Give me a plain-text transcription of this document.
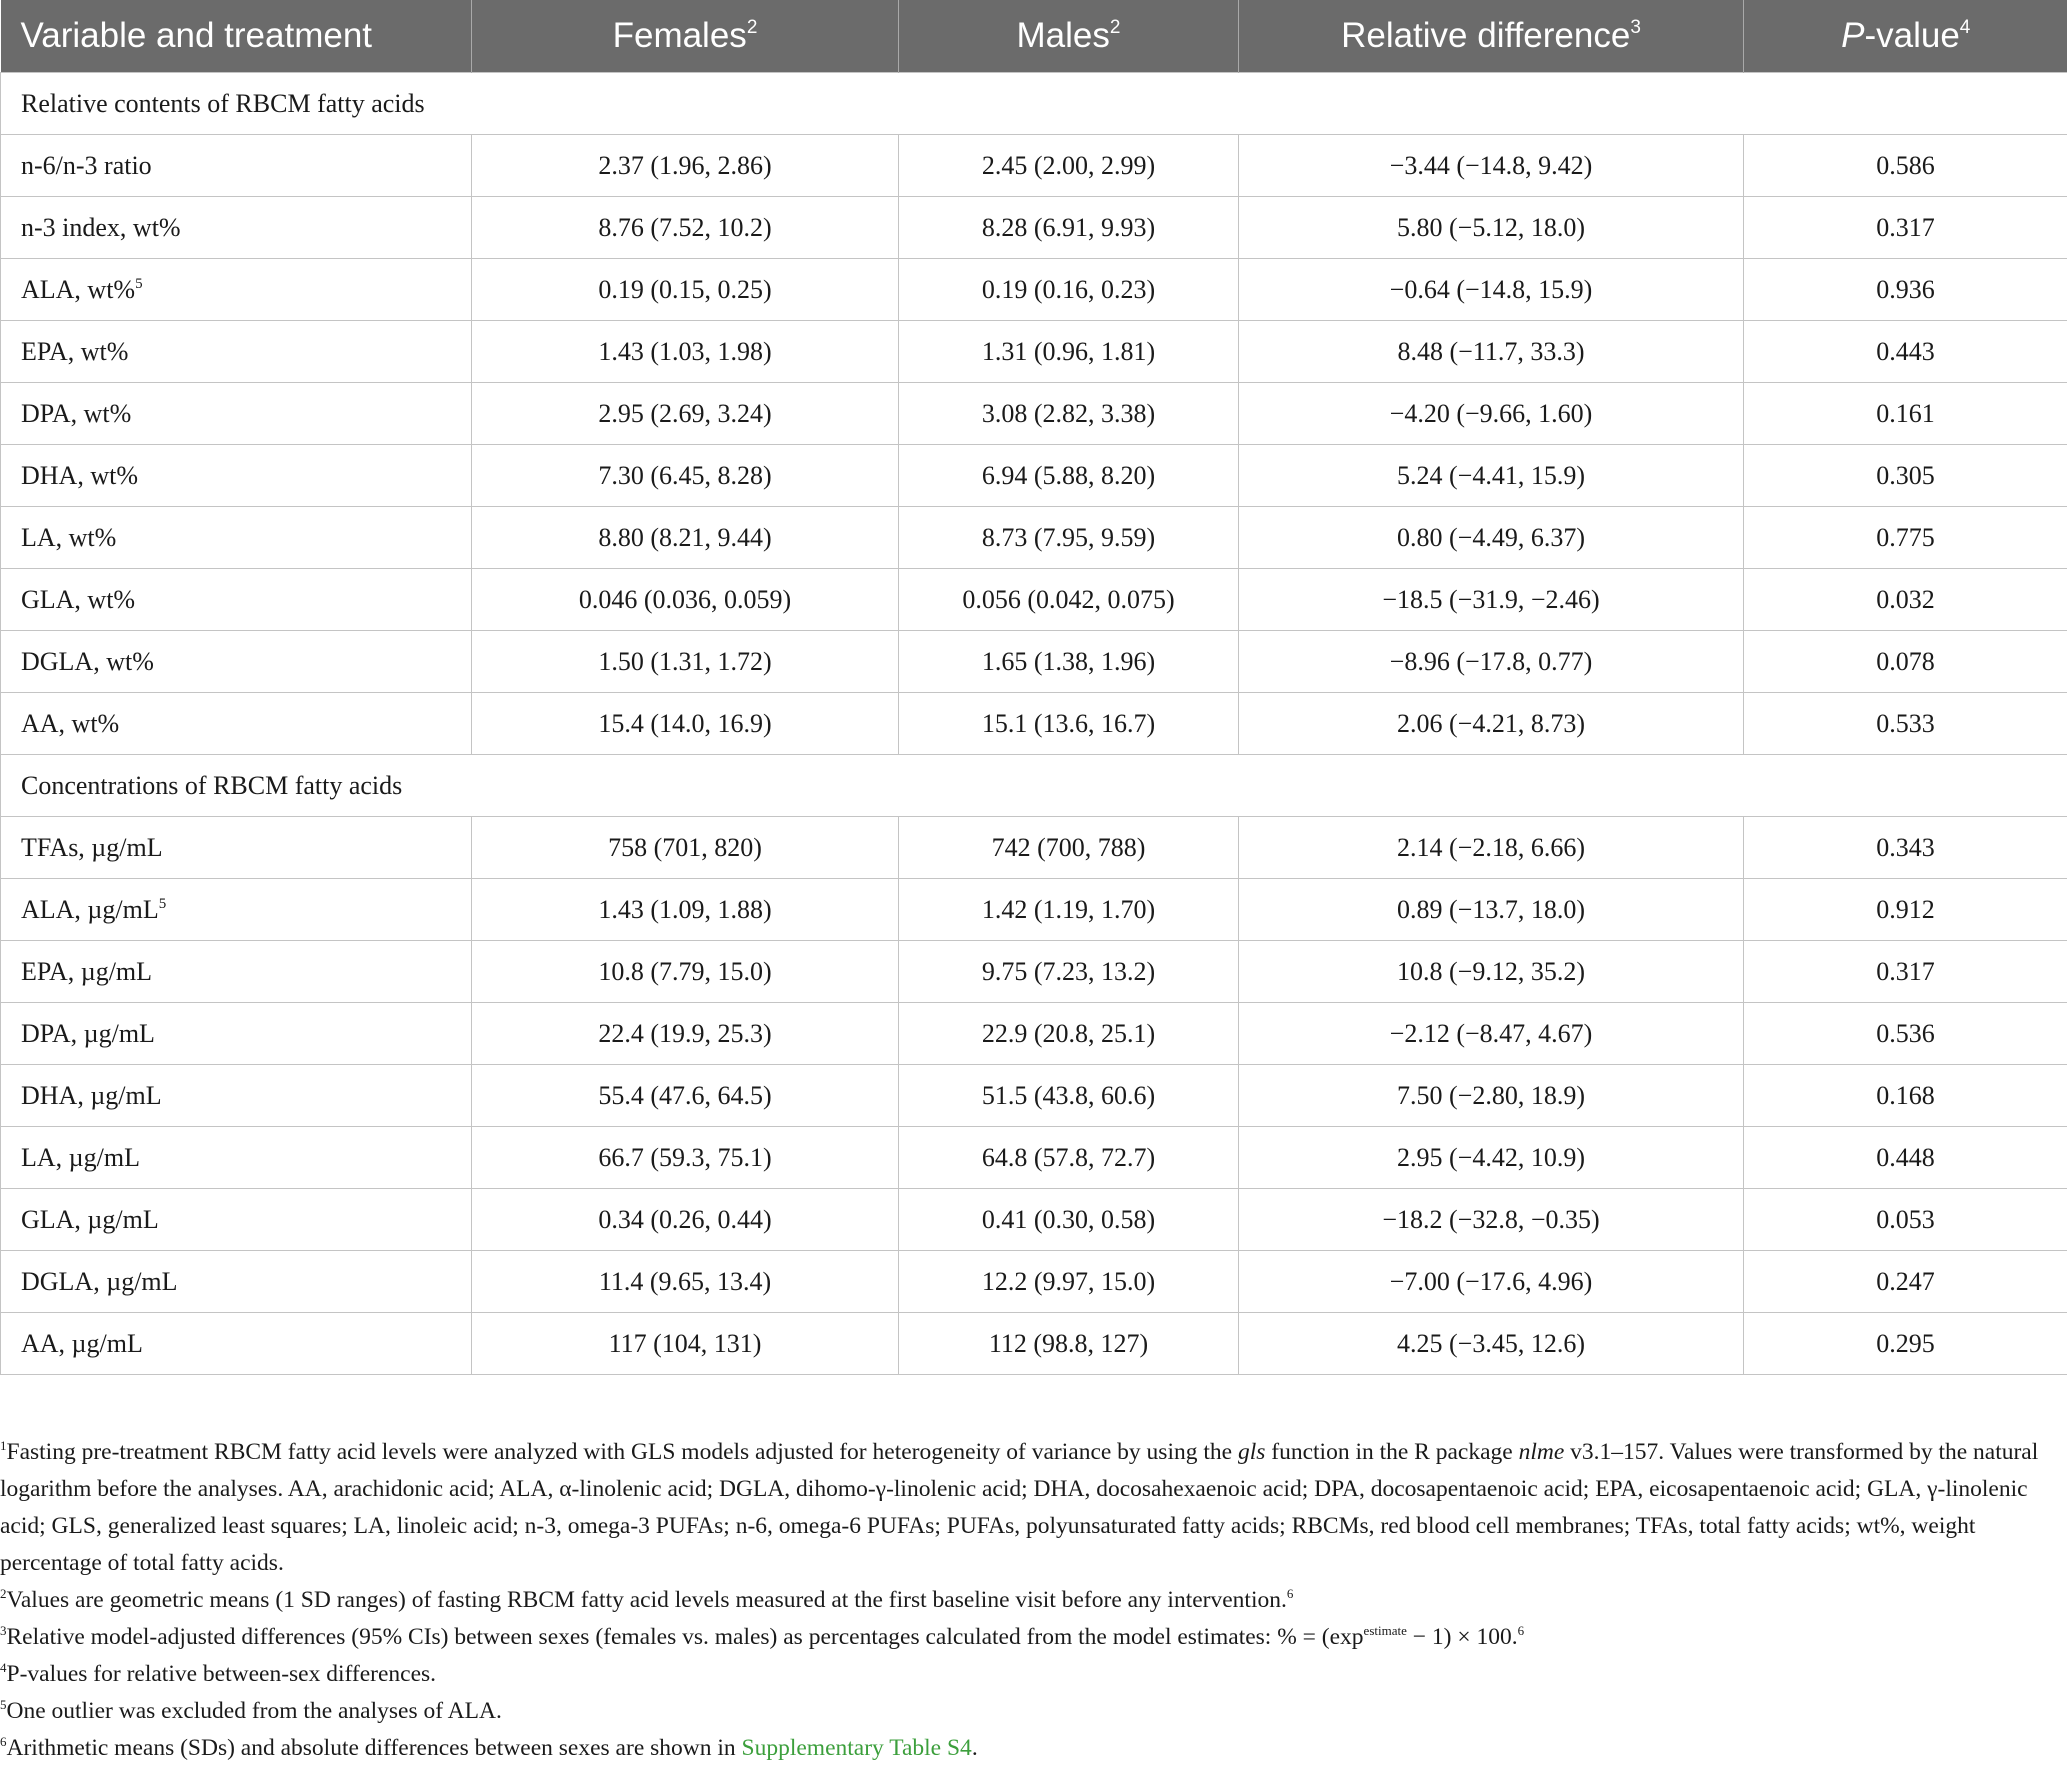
Variable and treatment	Females$^2$	Males$^2$	Relative difference$^3$	P-value$^4$
Relative contents of RBCM fatty acids				
n-6/n-3 ratio	2.37 (1.96, 2.86)	2.45 (2.00, 2.99)	−3.44 (−14.8, 9.42)	0.586
n-3 index, wt%	8.76 (7.52, 10.2)	8.28 (6.91, 9.93)	5.80 (−5.12, 18.0)	0.317
ALA, wt%$^5$	0.19 (0.15, 0.25)	0.19 (0.16, 0.23)	−0.64 (−14.8, 15.9)	0.936
EPA, wt%	1.43 (1.03, 1.98)	1.31 (0.96, 1.81)	8.48 (−11.7, 33.3)	0.443
DPA, wt%	2.95 (2.69, 3.24)	3.08 (2.82, 3.38)	−4.20 (−9.66, 1.60)	0.161
DHA, wt%	7.30 (6.45, 8.28)	6.94 (5.88, 8.20)	5.24 (−4.41, 15.9)	0.305
LA, wt%	8.80 (8.21, 9.44)	8.73 (7.95, 9.59)	0.80 (−4.49, 6.37)	0.775
GLA, wt%	0.046 (0.036, 0.059)	0.056 (0.042, 0.075)	−18.5 (−31.9, −2.46)	0.032
DGLA, wt%	1.50 (1.31, 1.72)	1.65 (1.38, 1.96)	−8.96 (−17.8, 0.77)	0.078
AA, wt%	15.4 (14.0, 16.9)	15.1 (13.6, 16.7)	2.06 (−4.21, 8.73)	0.533
Concentrations of RBCM fatty acids				
TFAs, µg/mL	758 (701, 820)	742 (700, 788)	2.14 (−2.18, 6.66)	0.343
ALA, $\mu g/mL^5$	1.43 (1.09, 1.88)	1.42 (1.19, 1.70)	0.89 (−13.7, 18.0)	0.912
EPA, µg/mL	10.8 (7.79, 15.0)	9.75 (7.23, 13.2)	10.8 (−9.12, 35.2)	0.317
DPA, µg/mL	22.4 (19.9, 25.3)	22.9 (20.8, 25.1)	−2.12 (−8.47, 4.67)	0.536
DHA, µg/mL	55.4 (47.6, 64.5)	51.5 (43.8, 60.6)	7.50 (−2.80, 18.9)	0.168
LA, µg/mL	66.7 (59.3, 75.1)	64.8 (57.8, 72.7)	2.95 (−4.42, 10.9)	0.448
GLA, µg/mL	0.34 (0.26, 0.44)	0.41 (0.30, 0.58)	−18.2 (−32.8, −0.35)	0.053
DGLA, µg/mL	11.4 (9.65, 13.4)	12.2 (9.97, 15.0)	−7.00 (−17.6, 4.96)	0.247
AA, µg/mL	117 (104, 131)	112 (98.8, 127)	4.25 (−3.45, 12.6)	0.295

$^1$Fasting pre-treatment RBCM fatty acid levels were analyzed with GLS models adjusted for heterogeneity of variance by using the gls function in the R package nlme v3.1–157. Values were transformed by the natural logarithm before the analyses. AA, arachidonic acid; ALA, α-linolenic acid; DGLA, dihomo-γ-linolenic acid; DHA, docosahexaenoic acid; DPA, docosapentaenoic acid; EPA, eicosapentaenoic acid; GLA, γ-linolenic acid; GLS, generalized least squares; LA, linoleic acid; n-3, omega-3 PUFAs; n-6, omega-6 PUFAs; PUFAs, polyunsaturated fatty acids; RBCMs, red blood cell membranes; TFAs, total fatty acids; wt%, weight percentage of total fatty acids.

$^2$Values are geometric means (1 SD ranges) of fasting RBCM fatty acid levels measured at the first baseline visit before any intervention.$^6$

$^3$Relative model-adjusted differences (95% CIs) between sexes (females vs. males) as percentages calculated from the model estimates: % = $(\exp^{estimate} - 1) \times 100.^6$

$^4$P-values for relative between-sex differences.

$^5$One outlier was excluded from the analyses of ALA.

$^6$Arithmetic means (SDs) and absolute differences between sexes are shown in Supplementary Table S4.
